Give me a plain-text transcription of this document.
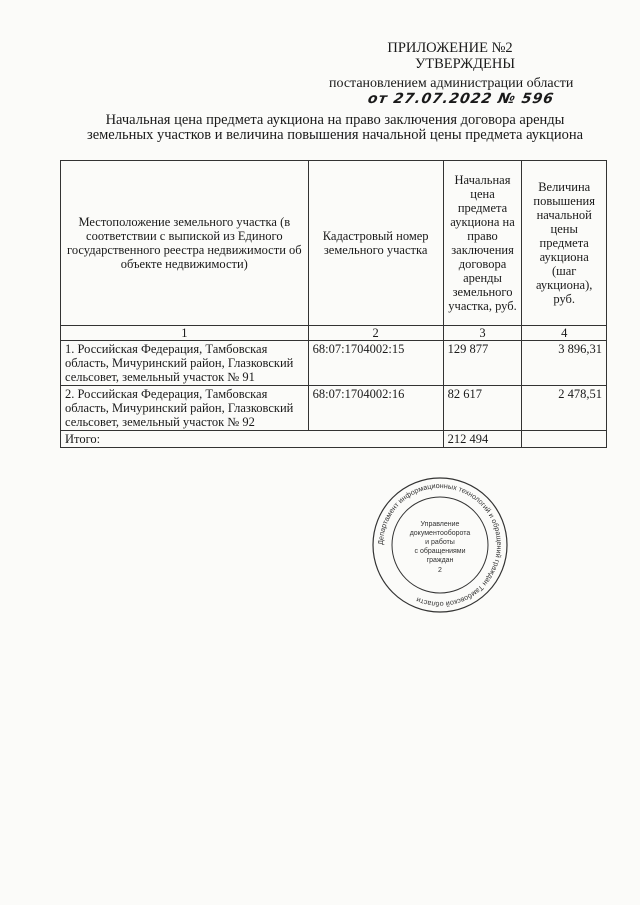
ПРИЛОЖЕНИЕ №2
УТВЕРЖДЕНЫ
постановлением администрации области
от 27.07.2022 № 596
Начальная цена предмета аукциона на право заключения договора аренды земельных участков и величина повышения начальной цены предмета аукциона
Местоположение земельного участка (в соответствии с выпиской из Единого государственного реестра недвижимости об объекте недвижимости)	Кадастровый номер земельного участка	Начальная цена предмета аукциона на право заключения договора аренды земельного участка, руб.	Величина повышения начальной цены предмета аукциона (шаг аукциона), руб.
1	2	3	4
1. Российская Федерация, Тамбовская область, Мичуринский район, Глазковский сельсовет, земельный участок № 91	68:07:1704002:15	129 877	3 896,31
2. Российская Федерация, Тамбовская область, Мичуринский район, Глазковский сельсовет, земельный участок № 92	68:07:1704002:16	82 617	2 478,51
Итого:		212 494	
Департамент информационных технологий и обращений граждан Тамбовской области
Управление
документооборота
и работы
с обращениями
граждан
2
